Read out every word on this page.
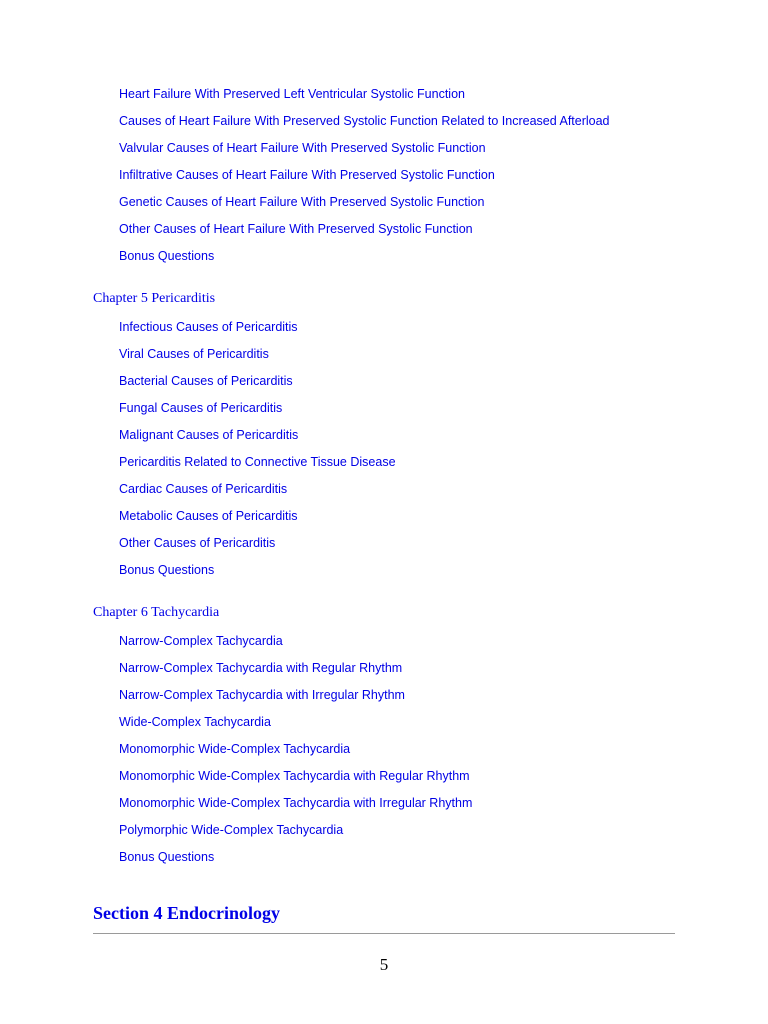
Heart Failure With Preserved Left Ventricular Systolic Function
Causes of Heart Failure With Preserved Systolic Function Related to Increased Afterload
Valvular Causes of Heart Failure With Preserved Systolic Function
Infiltrative Causes of Heart Failure With Preserved Systolic Function
Genetic Causes of Heart Failure With Preserved Systolic Function
Other Causes of Heart Failure With Preserved Systolic Function
Bonus Questions
Chapter 5 Pericarditis
Infectious Causes of Pericarditis
Viral Causes of Pericarditis
Bacterial Causes of Pericarditis
Fungal Causes of Pericarditis
Malignant Causes of Pericarditis
Pericarditis Related to Connective Tissue Disease
Cardiac Causes of Pericarditis
Metabolic Causes of Pericarditis
Other Causes of Pericarditis
Bonus Questions
Chapter 6 Tachycardia
Narrow-Complex Tachycardia
Narrow-Complex Tachycardia with Regular Rhythm
Narrow-Complex Tachycardia with Irregular Rhythm
Wide-Complex Tachycardia
Monomorphic Wide-Complex Tachycardia
Monomorphic Wide-Complex Tachycardia with Regular Rhythm
Monomorphic Wide-Complex Tachycardia with Irregular Rhythm
Polymorphic Wide-Complex Tachycardia
Bonus Questions
Section 4 Endocrinology
5
